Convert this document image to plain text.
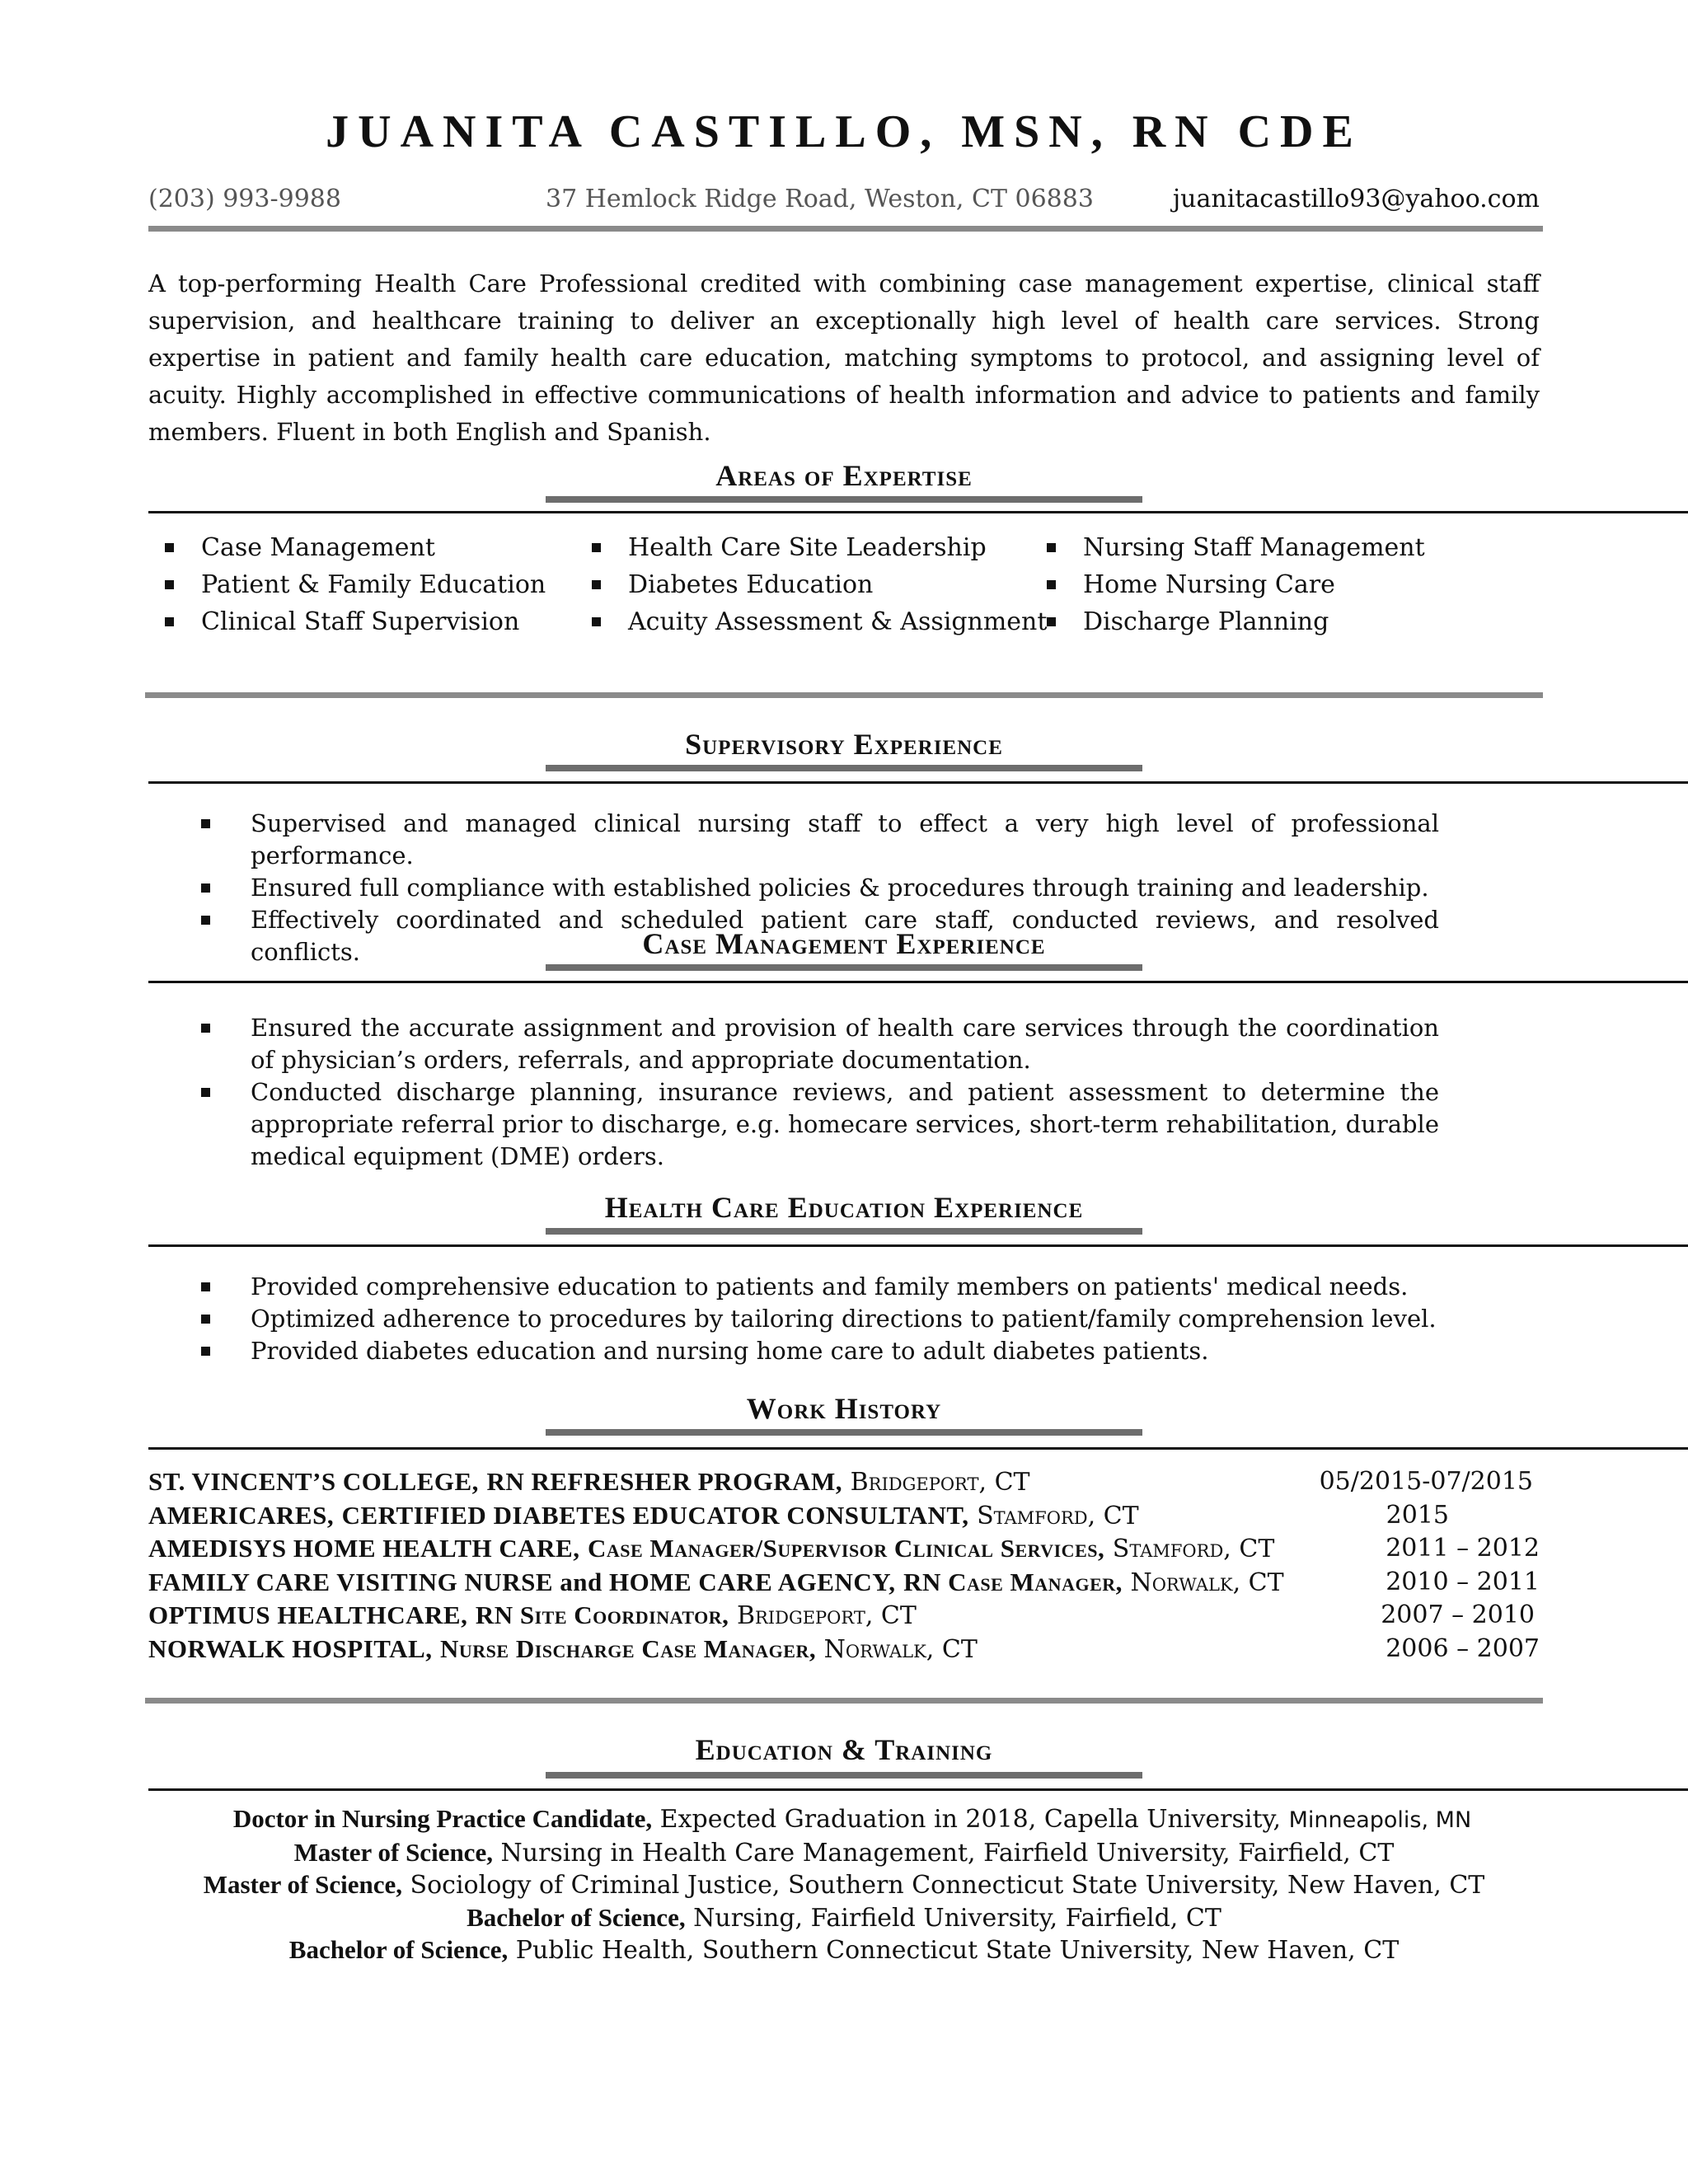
JUANITA CASTILLO, MSN, RN CDE
(203) 993-9988	37 Hemlock Ridge Road, Weston, CT 06883	juanitacastillo93@yahoo.com
A top-performing Health Care Professional credited with combining case management expertise, clinical staff supervision, and healthcare training to deliver an exceptionally high level of health care services. Strong expertise in patient and family health care education, matching symptoms to protocol, and assigning level of acuity. Highly accomplished in effective communications of health information and advice to patients and family members. Fluent in both English and Spanish.
Areas of Expertise
Case Management
Patient & Family Education
Clinical Staff Supervision
Health Care Site Leadership
Diabetes Education
Acuity Assessment & Assignment
Nursing Staff Management
Home Nursing Care
Discharge Planning
Supervisory Experience
Supervised and managed clinical nursing staff to effect a very high level of professional performance.
Ensured full compliance with established policies & procedures through training and leadership.
Effectively coordinated and scheduled patient care staff, conducted reviews, and resolved conflicts.	Case Management Experience
Ensured the accurate assignment and provision of health care services through the coordination of physician’s orders, referrals, and appropriate documentation.
Conducted discharge planning, insurance reviews, and patient assessment to determine the appropriate referral prior to discharge, e.g. homecare services, short-term rehabilitation, durable medical equipment (DME) orders.
Health Care Education Experience
Provided comprehensive education to patients and family members on patients' medical needs.
Optimized adherence to procedures by tailoring directions to patient/family comprehension level.
Provided diabetes education and nursing home care to adult diabetes patients.
Work History
ST. VINCENT’S COLLEGE, RN REFRESHER PROGRAM, Bridgeport, CT	05/2015-07/2015
AMERICARES, CERTIFIED DIABETES EDUCATOR CONSULTANT, Stamford, CT	2015
AMEDISYS HOME HEALTH CARE, Case Manager/Supervisor Clinical Services, Stamford, CT	2011 – 2012
FAMILY CARE VISITING NURSE and HOME CARE AGENCY, RN Case Manager, Norwalk, CT	2010 – 2011
OPTIMUS HEALTHCARE, RN Site Coordinator, Bridgeport, CT	2007 – 2010
NORWALK HOSPITAL, Nurse Discharge Case Manager, Norwalk, CT	2006 – 2007
Education & Training
Doctor in Nursing Practice Candidate, Expected Graduation in 2018, Capella University, Minneapolis, MN
Master of Science, Nursing in Health Care Management, Fairfield University, Fairfield, CT
Master of Science, Sociology of Criminal Justice, Southern Connecticut State University, New Haven, CT
Bachelor of Science, Nursing, Fairfield University, Fairfield, CT
Bachelor of Science, Public Health, Southern Connecticut State University, New Haven, CT
